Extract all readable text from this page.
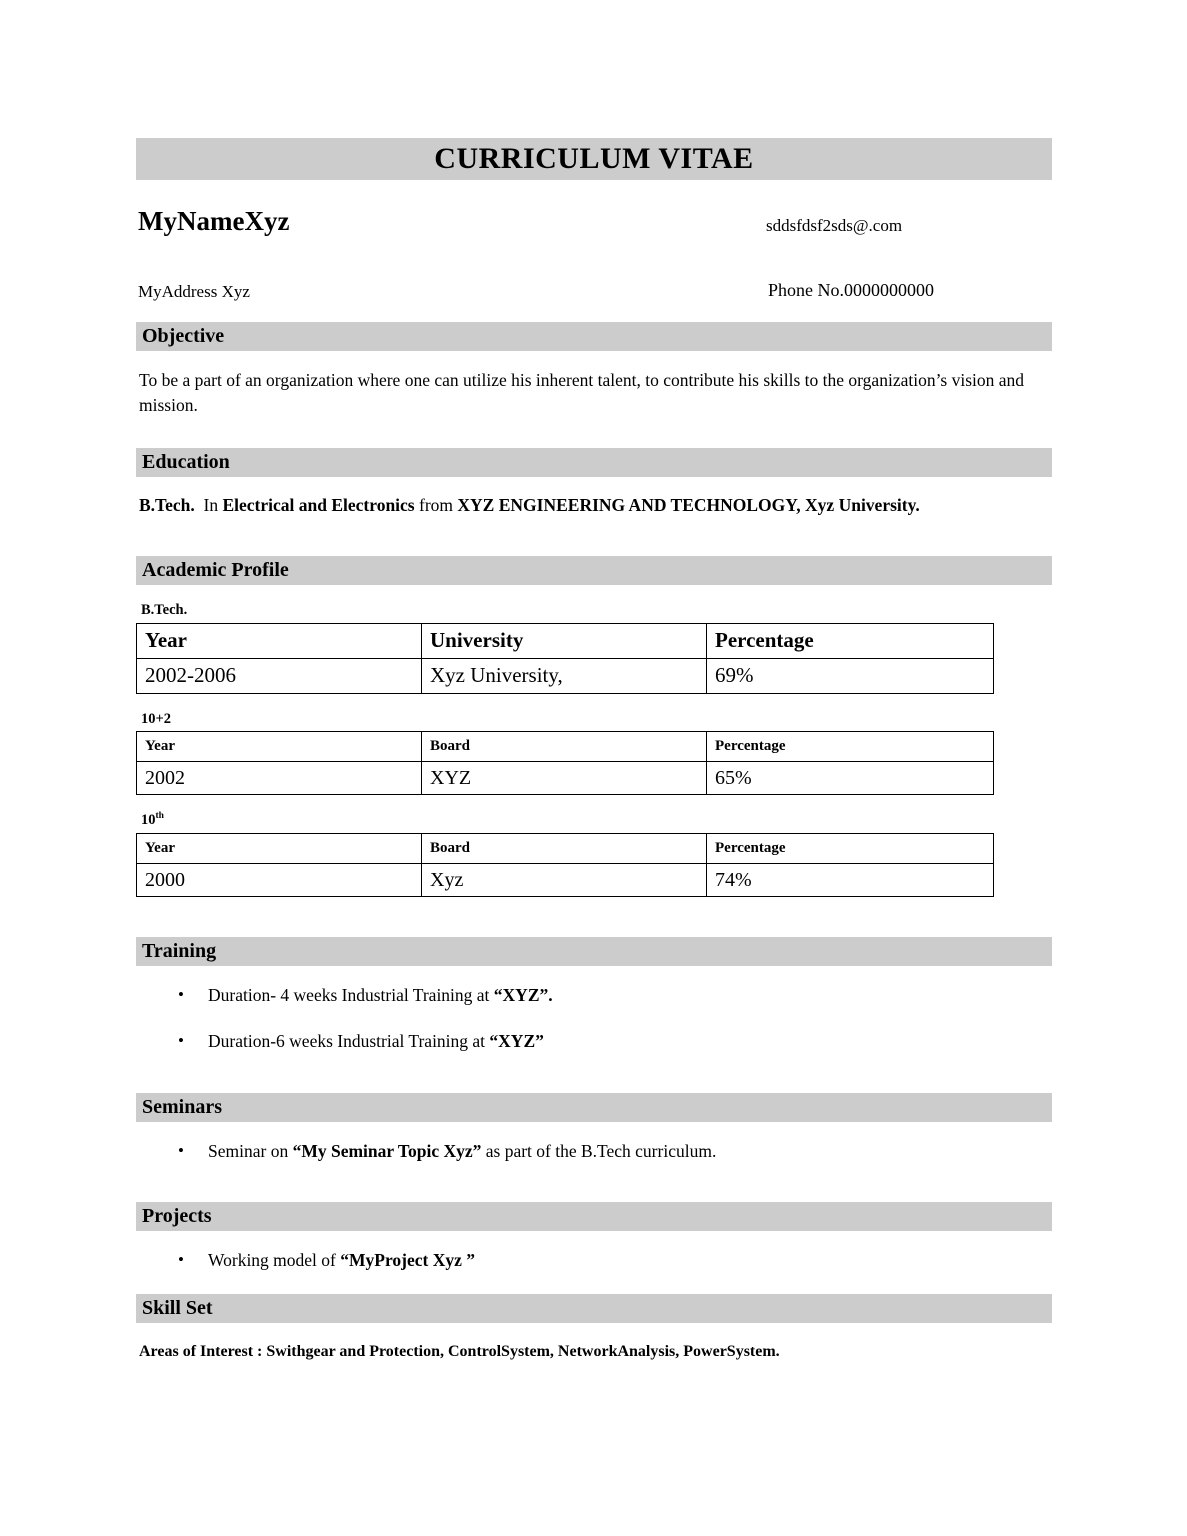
CURRICULUM VITAE
MyNameXyz	sddsfdsf2sds@.com
MyAddress Xyz	Phone No.0000000000
Objective
To be a part of an organization where one can utilize his inherent talent, to contribute his skills to the organization’s vision and mission.
Education
B.Tech. In Electrical and Electronics from XYZ ENGINEERING AND TECHNOLOGY, Xyz University.
Academic Profile
B.Tech.
Year	University	Percentage
2002-2006	Xyz University,	69%
10+2
Year	Board	Percentage
2002	XYZ	65%
10th
Year	Board	Percentage
2000	Xyz	74%
Training
• Duration- 4 weeks Industrial Training at “XYZ”.
• Duration-6 weeks Industrial Training at “XYZ”
Seminars
• Seminar on “My Seminar Topic Xyz” as part of the B.Tech curriculum.
Projects
• Working model of “MyProject Xyz ”
Skill Set
Areas of Interest : Swithgear and Protection, ControlSystem, NetworkAnalysis, PowerSystem.
